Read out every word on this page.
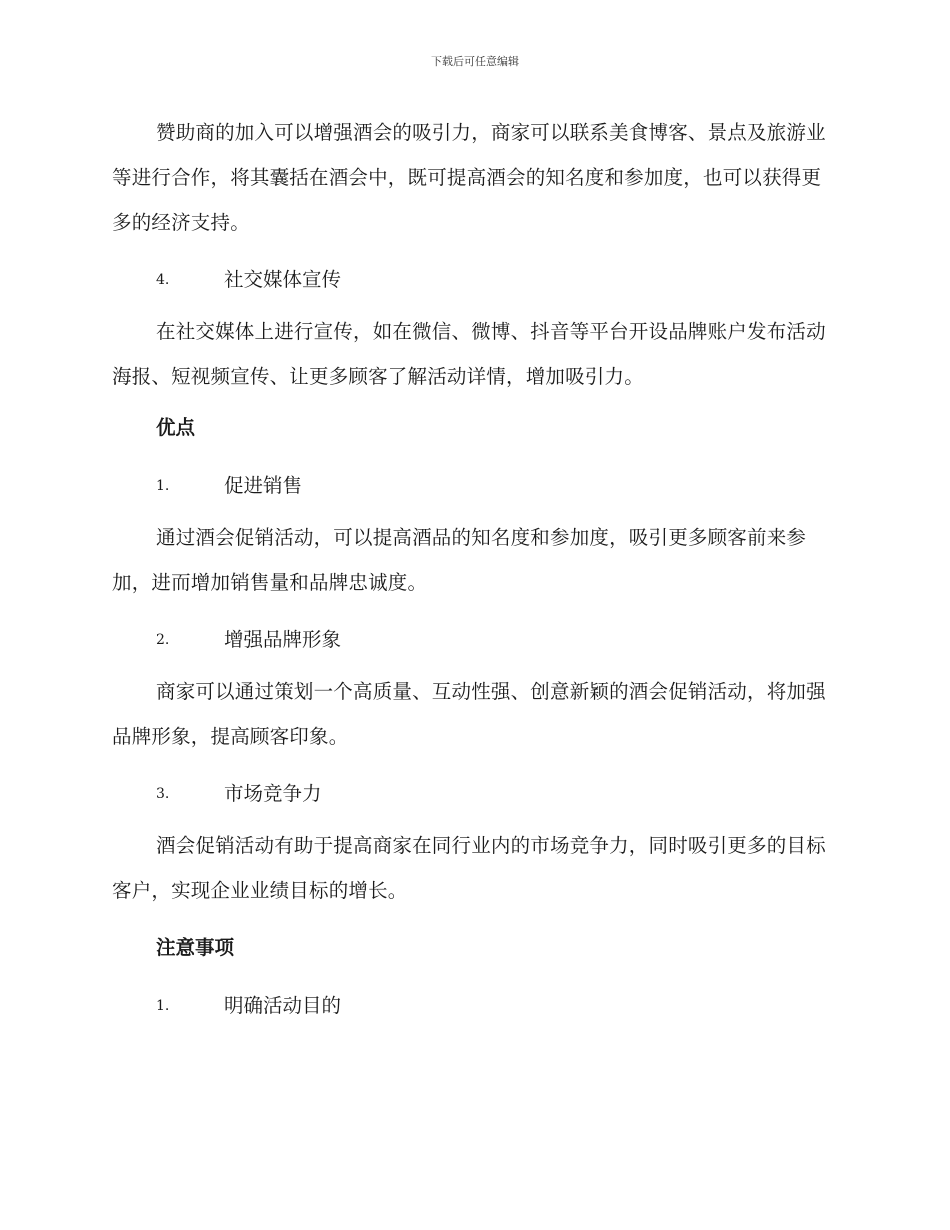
下载后可任意编辑

赞助商的加入可以增强酒会的吸引力，商家可以联系美食博客、景点及旅游业等进行合作，将其囊括在酒会中，既可提高酒会的知名度和参加度，也可以获得更多的经济支持。

4.	社交媒体宣传

在社交媒体上进行宣传，如在微信、微博、抖音等平台开设品牌账户发布活动海报、短视频宣传、让更多顾客了解活动详情，增加吸引力。

优点
1.	促进销售

通过酒会促销活动，可以提高酒品的知名度和参加度，吸引更多顾客前来参加，进而增加销售量和品牌忠诚度。

2.	增强品牌形象

商家可以通过策划一个高质量、互动性强、创意新颖的酒会促销活动，将加强品牌形象，提高顾客印象。

3.	市场竞争力

酒会促销活动有助于提高商家在同行业内的市场竞争力，同时吸引更多的目标客户，实现企业业绩目标的增长。

注意事项
1.	明确活动目的
